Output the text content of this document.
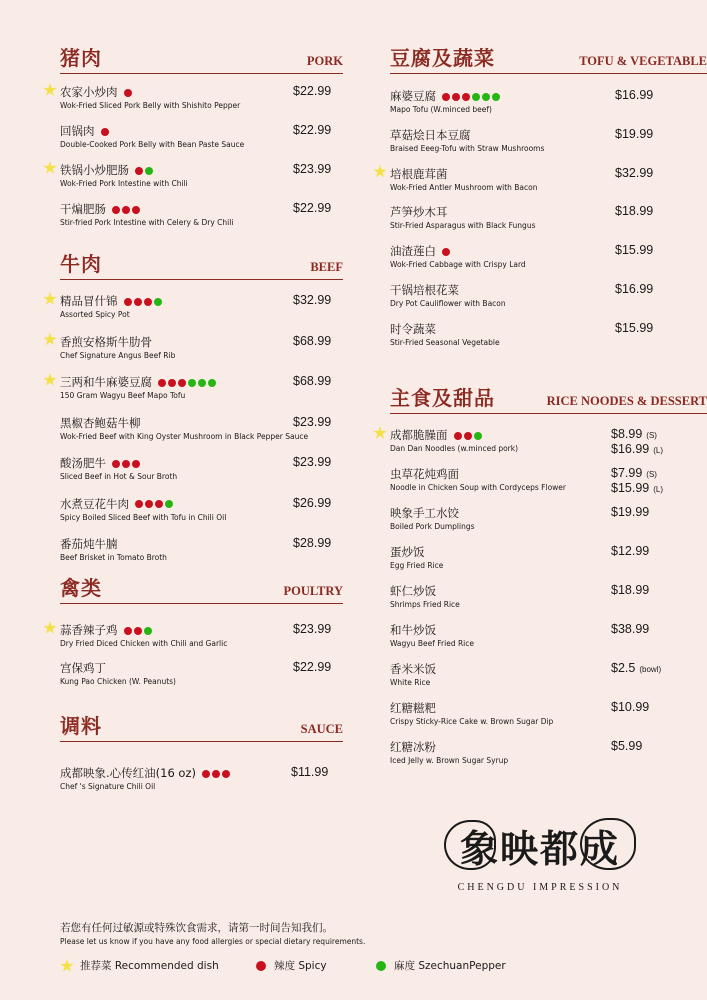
猪肉	PORK
农家小炒肉
Wok-Fried Sliced Pork Belly with Shishito Pepper
$22.99
回锅肉
Double-Cooked Pork Belly with Bean Paste Sauce
$22.99
铁锅小炒肥肠
Wok-Fried Pork Intestine with Chili
$23.99
干煸肥肠
Stir-fried Pork Intestine with Celery & Dry Chili
$22.99
牛肉	BEEF
精品冒什锦
Assorted Spicy Pot
$32.99
香煎安格斯牛肋骨
Chef Signature Angus Beef Rib
$68.99
三两和牛麻婆豆腐
150 Gram Wagyu Beef Mapo Tofu
$68.99
黑椒杏鲍菇牛柳
Wok-Fried Beef with King Oyster Mushroom in Black Pepper Sauce
$23.99
酸汤肥牛
Sliced Beef in Hot & Sour Broth
$23.99
水煮豆花牛肉
Spicy Boiled Sliced Beef with Tofu in Chili Oil
$26.99
番茄炖牛腩
Beef Brisket in Tomato Broth
$28.99
禽类	POULTRY
蒜香辣子鸡
Dry Fried Diced Chicken with Chili and Garlic
$23.99
宫保鸡丁
Kung Pao Chicken (W. Peanuts)
$22.99
调料	SAUCE
成都映象.心传红油(16 oz)
Chef 's Signature Chili Oil
$11.99
豆腐及蔬菜	TOFU & VEGETABLE
麻婆豆腐
Mapo Tofu (W.minced beef)
$16.99
草菇烩日本豆腐
Braised Eeeg-Tofu with Straw Mushrooms
$19.99
培根鹿茸菌
Wok-Fried Antler Mushroom with Bacon
$32.99
芦笋炒木耳
Stir-Fried Asparagus with Black Fungus
$18.99
油渣莲白
Wok-Fried Cabbage with Crispy Lard
$15.99
干锅培根花菜
Dry Pot Cauliflower with Bacon
$16.99
时令蔬菜
Stir-Fried Seasonal Vegetable
$15.99
主食及甜品	RICE NOODES & DESSERT
成都脆臊面
Dan Dan Noodles (w.minced pork)
$8.99 (S)
$16.99 (L)
虫草花炖鸡面
Noodle in Chicken Soup with Cordyceps Flower
$7.99 (S)
$15.99 (L)
映象手工水饺
Boiled Pork Dumplings
$19.99
蛋炒饭
Egg Fried Rice
$12.99
虾仁炒饭
Shrimps Fried Rice
$18.99
和牛炒饭
Wagyu Beef Fried Rice
$38.99
香米米饭
White Rice
$2.5 (bowl)
红糖糍粑
Crispy Sticky-Rice Cake w. Brown Sugar Dip
$10.99
红糖冰粉
Iced Jelly w. Brown Sugar Syrup
$5.99
象映都成
CHENGDU IMPRESSION
若您有任何过敏源或特殊饮食需求，请第一时间告知我们。
Please let us know if you have any food allergies or special dietary requirements.
推荐菜 Recommended dish	辣度 Spicy	麻度 SzechuanPepper
